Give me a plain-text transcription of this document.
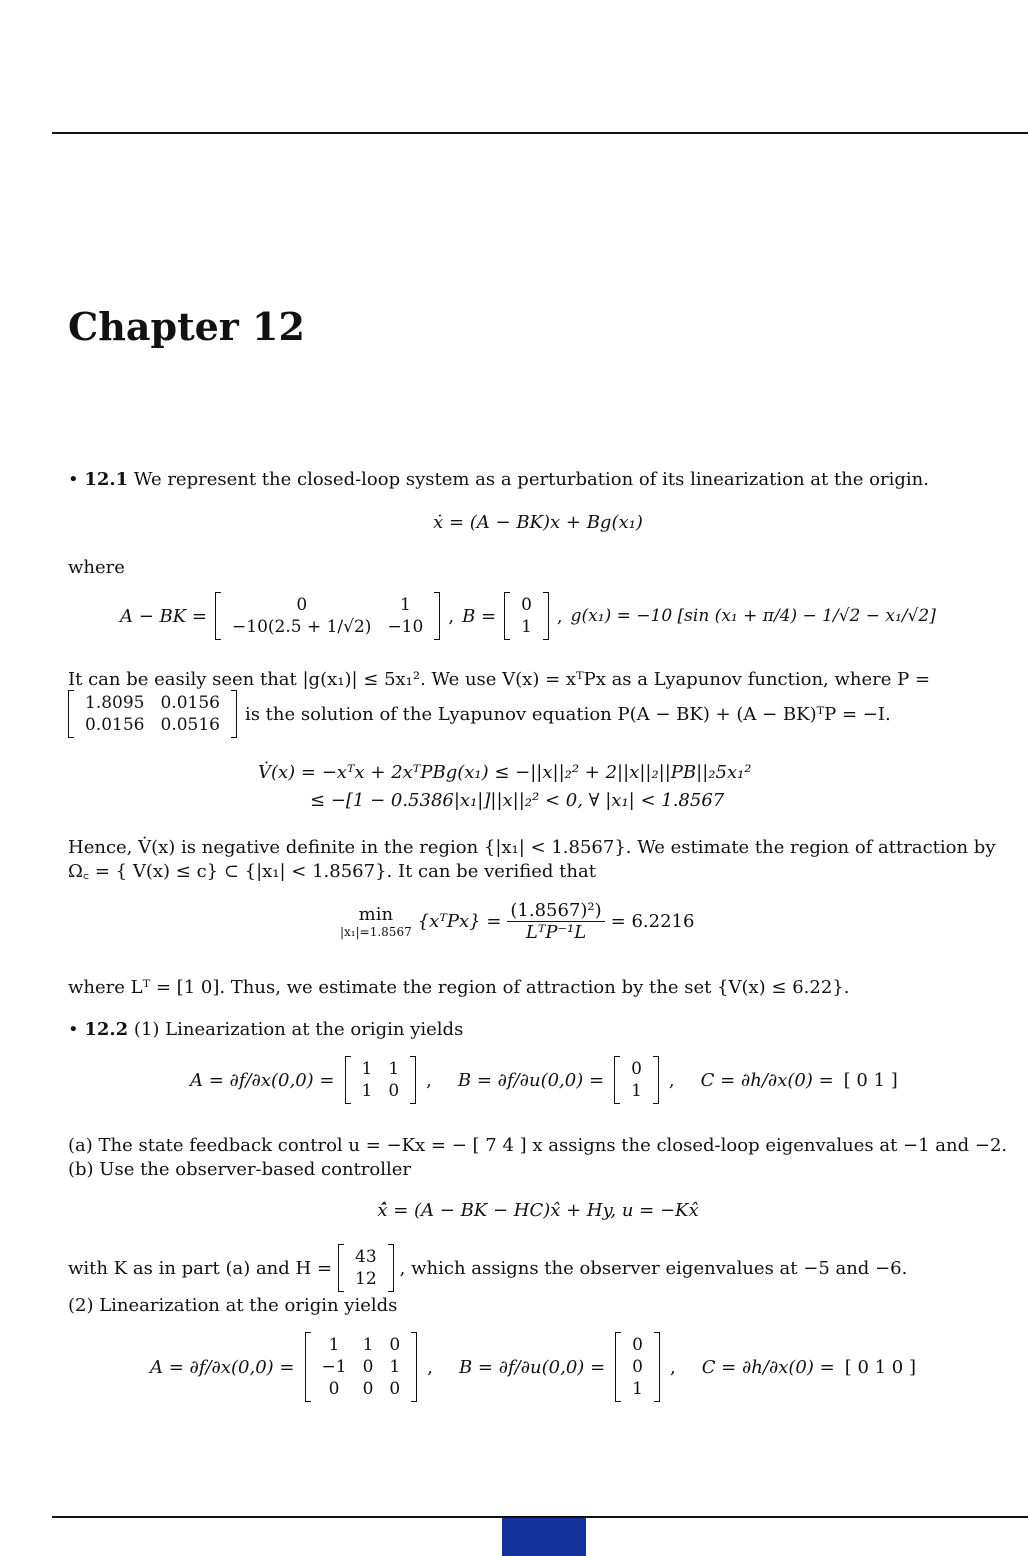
Chapter 12
• 12.1 We represent the closed-loop system as a perturbation of its linearization at the origin.
ẋ = (A − BK)x + Bg(x₁)
where
A − BK =
0	1
−10(2.5 + 1/√2)	−10
, B =
0
1
, g(x₁) = −10 [sin (x₁ + π/4) − 1/√2 − x₁/√2]
It can be easily seen that |g(x₁)| ≤ 5x₁². We use V(x) = xᵀPx as a Lyapunov function, where P =
1.8095	0.0156
0.0156	0.0516
is the solution of the Lyapunov equation P(A − BK) + (A − BK)ᵀP = −I.
V̇(x) = −xᵀx + 2xᵀPBg(x₁) ≤ −||x||₂² + 2||x||₂||PB||₂5x₁²
≤ −[1 − 0.5386|x₁|]||x||₂² < 0, ∀ |x₁| < 1.8567
Hence, V̇(x) is negative definite in the region {|x₁| < 1.8567}. We estimate the region of attraction by Ω꜀ = { V(x) ≤ c} ⊂ {|x₁| < 1.8567}. It can be verified that
min
|x₁|=1.8567 {xᵀPx} = $\frac{\text{(1.8567)²)}}{\text{LᵀP⁻¹L}} = 6.2216$
where Lᵀ = [1 0]. Thus, we estimate the region of attraction by the set {V(x) ≤ 6.22}.
• 12.2 (1) Linearization at the origin yields
A = ∂f/∂x(0,0) =
1	1
1	0
, B = ∂f/∂u(0,0) =
0
1
, C = ∂h/∂x(0) = [ 0 1 ]
(a) The state feedback control u = −Kx = − [ 7 4 ] x assigns the closed-loop eigenvalues at −1 and −2.
(b) Use the observer-based controller
x̂̇ = (A − BK − HC)x̂ + Hy, u = −Kx̂
with K as in part (a) and H =
43
12
, which assigns the observer eigenvalues at −5 and −6.
(2) Linearization at the origin yields
A = ∂f/∂x(0,0) =
1	1	0
−1	0	1
0	0	0
, B = ∂f/∂u(0,0) =
0
0
1
, C = ∂h/∂x(0) = [ 0 1 0 ]
